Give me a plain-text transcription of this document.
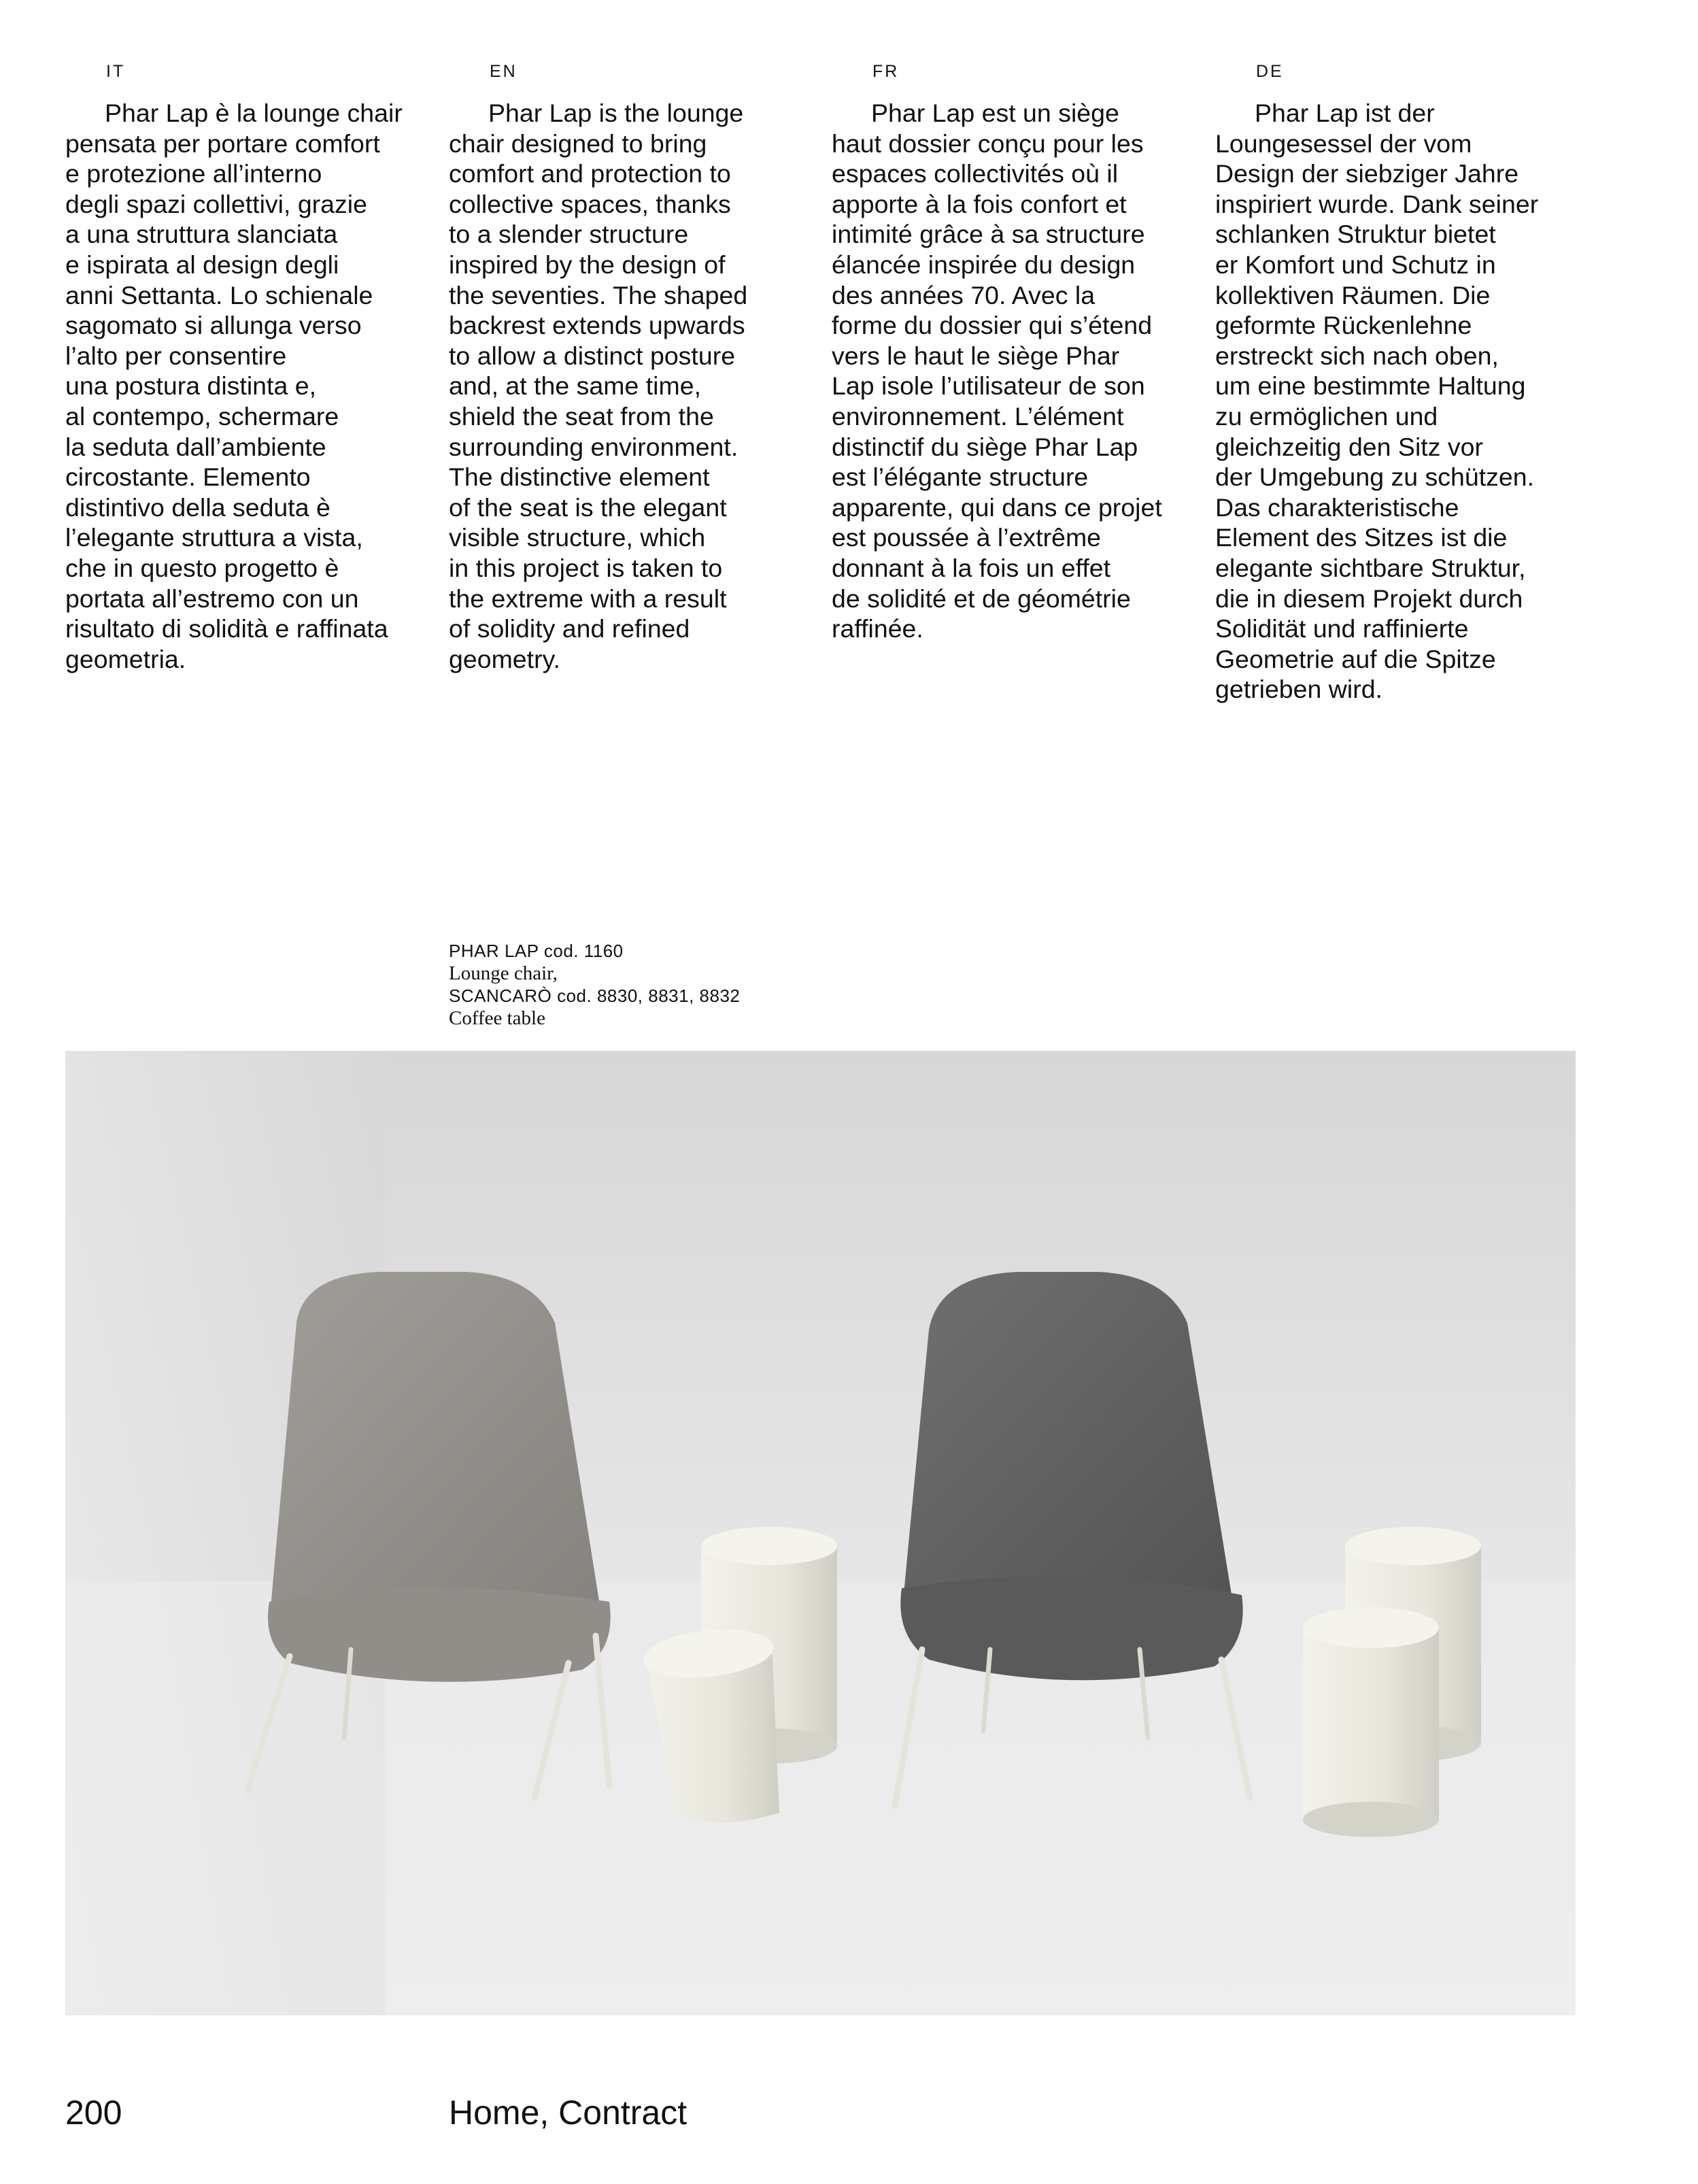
IT

Phar Lap è la lounge chair
pensata per portare comfort
e protezione all’interno
degli spazi collettivi, grazie
a una struttura slanciata
e ispirata al design degli
anni Settanta. Lo schienale
sagomato si allunga verso
l’alto per consentire
una postura distinta e,
al contempo, schermare
la seduta dall’ambiente
circostante. Elemento
distintivo della seduta è
l’elegante struttura a vista,
che in questo progetto è
portata all’estremo con un
risultato di solidità e raffinata
geometria.

EN

Phar Lap is the lounge
chair designed to bring
comfort and protection to
collective spaces, thanks
to a slender structure
inspired by the design of
the seventies. The shaped
backrest extends upwards
to allow a distinct posture
and, at the same time,
shield the seat from the
surrounding environment.
The distinctive element
of the seat is the elegant
visible structure, which
in this project is taken to
the extreme with a result
of solidity and refined
geometry.

FR

Phar Lap est un siège
haut dossier conçu pour les
espaces collectivités où il
apporte à la fois confort et
intimité grâce à sa structure
élancée inspirée du design
des années 70. Avec la
forme du dossier qui s’étend
vers le haut le siège Phar
Lap isole l’utilisateur de son
environnement. L’élément
distinctif du siège Phar Lap
est l’élégante structure
apparente, qui dans ce projet
est poussée à l’extrême
donnant à la fois un effet
de solidité et de géométrie
raffinée.

DE

Phar Lap ist der
Loungesessel der vom
Design der siebziger Jahre
inspiriert wurde. Dank seiner
schlanken Struktur bietet
er Komfort und Schutz in
kollektiven Räumen. Die
geformte Rückenlehne
erstreckt sich nach oben,
um eine bestimmte Haltung
zu ermöglichen und
gleichzeitig den Sitz vor
der Umgebung zu schützen.
Das charakteristische
Element des Sitzes ist die
elegante sichtbare Struktur,
die in diesem Projekt durch
Solidität und raffinierte
Geometrie auf die Spitze
getrieben wird.

PHAR LAP cod. 1160
Lounge chair,
SCANCARÒ cod. 8830, 8831, 8832
Coffee table
200	Home, Contract
